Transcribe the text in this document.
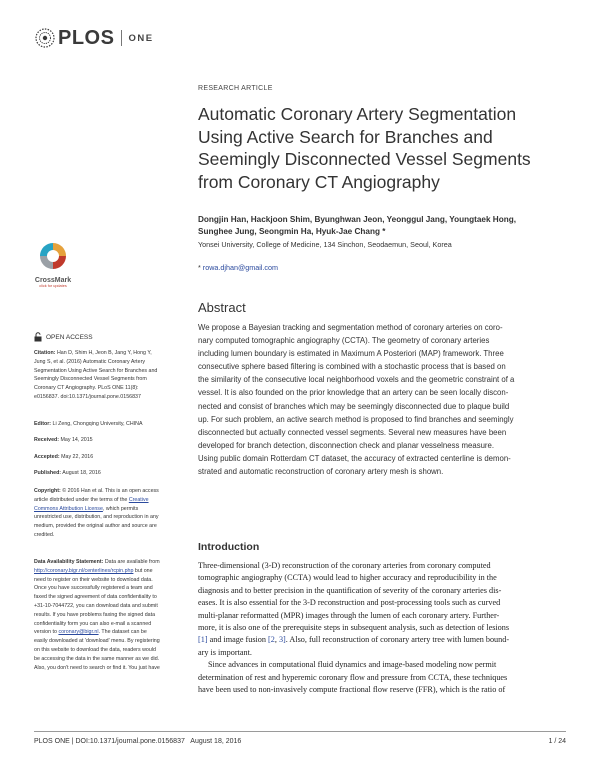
PLOS ONE
RESEARCH ARTICLE
Automatic Coronary Artery Segmentation
Using Active Search for Branches and
Seemingly Disconnected Vessel Segments
from Coronary CT Angiography
Dongjin Han, Hackjoon Shim, Byunghwan Jeon, Yeonggul Jang, Youngtaek Hong,
Sunghee Jung, Seongmin Ha, Hyuk-Jae Chang *
Yonsei University, College of Medicine, 134 Sinchon, Seodaemun, Seoul, Korea
* rowa.djhan@gmail.com
CrossMark
click for updates
Abstract
We propose a Bayesian tracking and segmentation method of coronary arteries on coro-
nary computed tomographic angiography (CCTA). The geometry of coronary arteries
including lumen boundary is estimated in Maximum A Posteriori (MAP) framework. Three
consecutive sphere based filtering is combined with a stochastic process that is based on
the similarity of the consecutive local neighborhood voxels and the geometric constraint of a
vessel. It is also founded on the prior knowledge that an artery can be seen locally discon-
nected and consist of branches which may be seemingly disconnected due to plaque build
up. For such problem, an active search method is proposed to find branches and seemingly
disconnected but actually connected vessel segments. Several new measures have been
developed for branch detection, disconnection check and planar vesselness measure.
Using public domain Rotterdam CT dataset, the accuracy of extracted centerline is demon-
strated and automatic reconstruction of coronary artery mesh is shown.
OPEN ACCESS
Citation: Han D, Shim H, Jeon B, Jang Y, Hong Y,
Jung S, et al. (2016) Automatic Coronary Artery
Segmentation Using Active Search for Branches and
Seemingly Disconnected Vessel Segments from
Coronary CT Angiography. PLoS ONE 11(8):
e0156837. doi:10.1371/journal.pone.0156837
Editor: Li Zeng, Chongqing University, CHINA
Received: May 14, 2015
Accepted: May 22, 2016
Published: August 18, 2016
Copyright: © 2016 Han et al. This is an open access
article distributed under the terms of the Creative
Commons Attribution License, which permits
unrestricted use, distribution, and reproduction in any
medium, provided the original author and source are
credited.
Data Availability Statement: Data are available from
http://coronary.bigr.nl/centerlines/rcpin.php but one
need to register on their website to download data.
Once you have successfully registered a team and
faxed the signed agreement of data confidentiality to
+31-10-7044722, you can download data and submit
results. If you have problems faxing the signed data
confidentiality form you can also e-mail a scanned
version to coronary@bigr.nl. The dataset can be
easily downloaded at 'download' menu. By registering
on this website to download the data, readers would
be accessing the data in the same manner as we did.
Also, you don't need to search or find it. You just have
Introduction
Three-dimensional (3-D) reconstruction of the coronary arteries from coronary computed
tomographic angiography (CCTA) would lead to higher accuracy and reproducibility in the
diagnosis and to better precision in the quantification of severity of the coronary arteries dis-
eases. It is also essential for the 3-D reconstruction and post-processing tools such as curved
multi-planar reformatted (MPR) images through the lumen of each coronary artery. Further-
more, it is also one of the prerequisite steps in subsequent analysis, such as detection of lesions
[1] and image fusion [2, 3]. Also, full reconstruction of coronary artery tree with lumen bound-
ary is important.
Since advances in computational fluid dynamics and image-based modeling now permit
determination of rest and hyperemic coronary flow and pressure from CCTA, these techniques
have been used to non-invasively compute fractional flow reserve (FFR), which is the ratio of
PLOS ONE | DOI:10.1371/journal.pone.0156837   August 18, 2016	1 / 24
